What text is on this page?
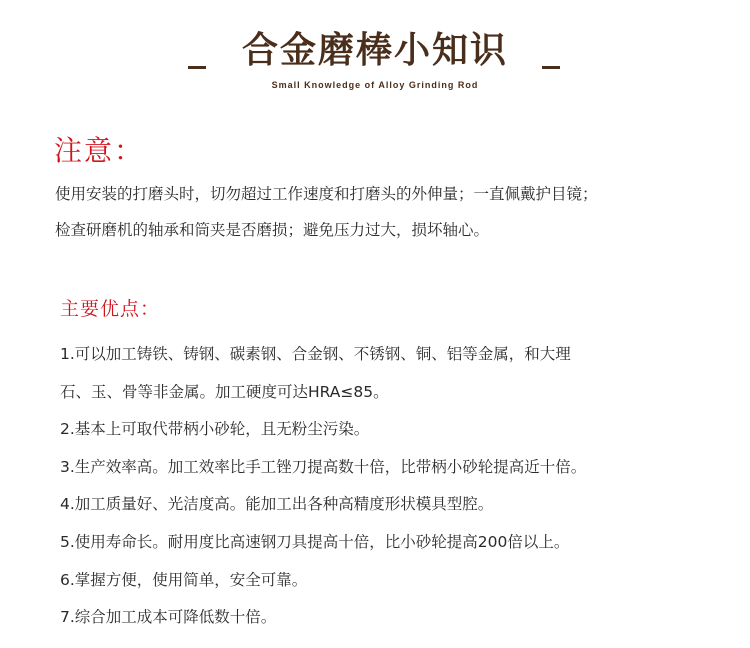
合金磨棒小知识
Small Knowledge of Alloy Grinding Rod
注意：
使用安装的打磨头时，切勿超过工作速度和打磨头的外伸量；一直佩戴护目镜；
检查研磨机的轴承和筒夹是否磨损；避免压力过大，损坏轴心。
主要优点：
1.可以加工铸铁、铸钢、碳素钢、合金钢、不锈钢、铜、铝等金属，和大理
石、玉、骨等非金属。加工硬度可达HRA≤85。
2.基本上可取代带柄小砂轮，且无粉尘污染。
3.生产效率高。加工效率比手工锉刀提高数十倍，比带柄小砂轮提高近十倍。
4.加工质量好、光洁度高。能加工出各种高精度形状模具型腔。
5.使用寿命长。耐用度比高速钢刀具提高十倍，比小砂轮提高200倍以上。
6.掌握方便，使用简单，安全可靠。
7.综合加工成本可降低数十倍。
